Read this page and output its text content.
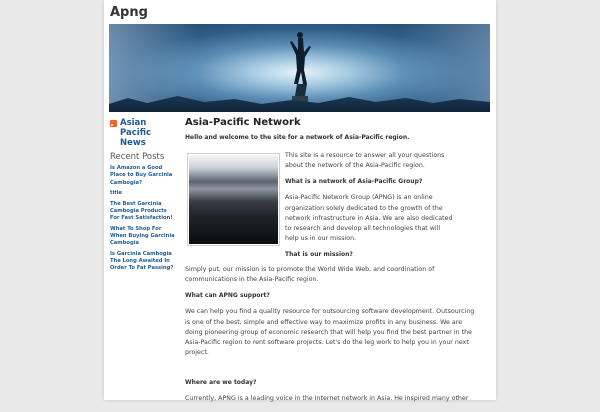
Apng
Asian Pacific News
Recent Posts
Is Amazon a Good Place to Buy Garcinia Cambogia?
title
The Best Garcinia Cambogia Products For Fast Satisfaction!
What To Shop For When Buying Garcinia Cambogia
Is Garcinia Cambogia The Long Awaited In Order To Fat Passing?
Asia-Pacific Network

Hello and welcome to the site for a network of Asia-Pacific region.

This site is a resource to answer all your questions about the network of the Asia-Pacific region.

What is a network of Asia-Pacific Group?

Asia-Pacific Network Group (APNG) is an online organization solely dedicated to the growth of the network infrastructure in Asia. We are also dedicated to research and develop all technologies that will help us in our mission.

That is our mission?

Simply put, our mission is to promote the World Wide Web, and coordination of communications in the Asia-Pacific region.

What can APNG support?

We can help you find a quality resource for outsourcing software development. Outsourcing is one of the best, simple and effective way to maximize profits in any business. We are doing pioneering group of economic research that will help you find the best partner in the Asia-Pacific region to rent software projects. Let's do the leg work to help you in your next project.

Where are we today?

Currently, APNG is a leading voice in the Internet network in Asia. He inspired many other
